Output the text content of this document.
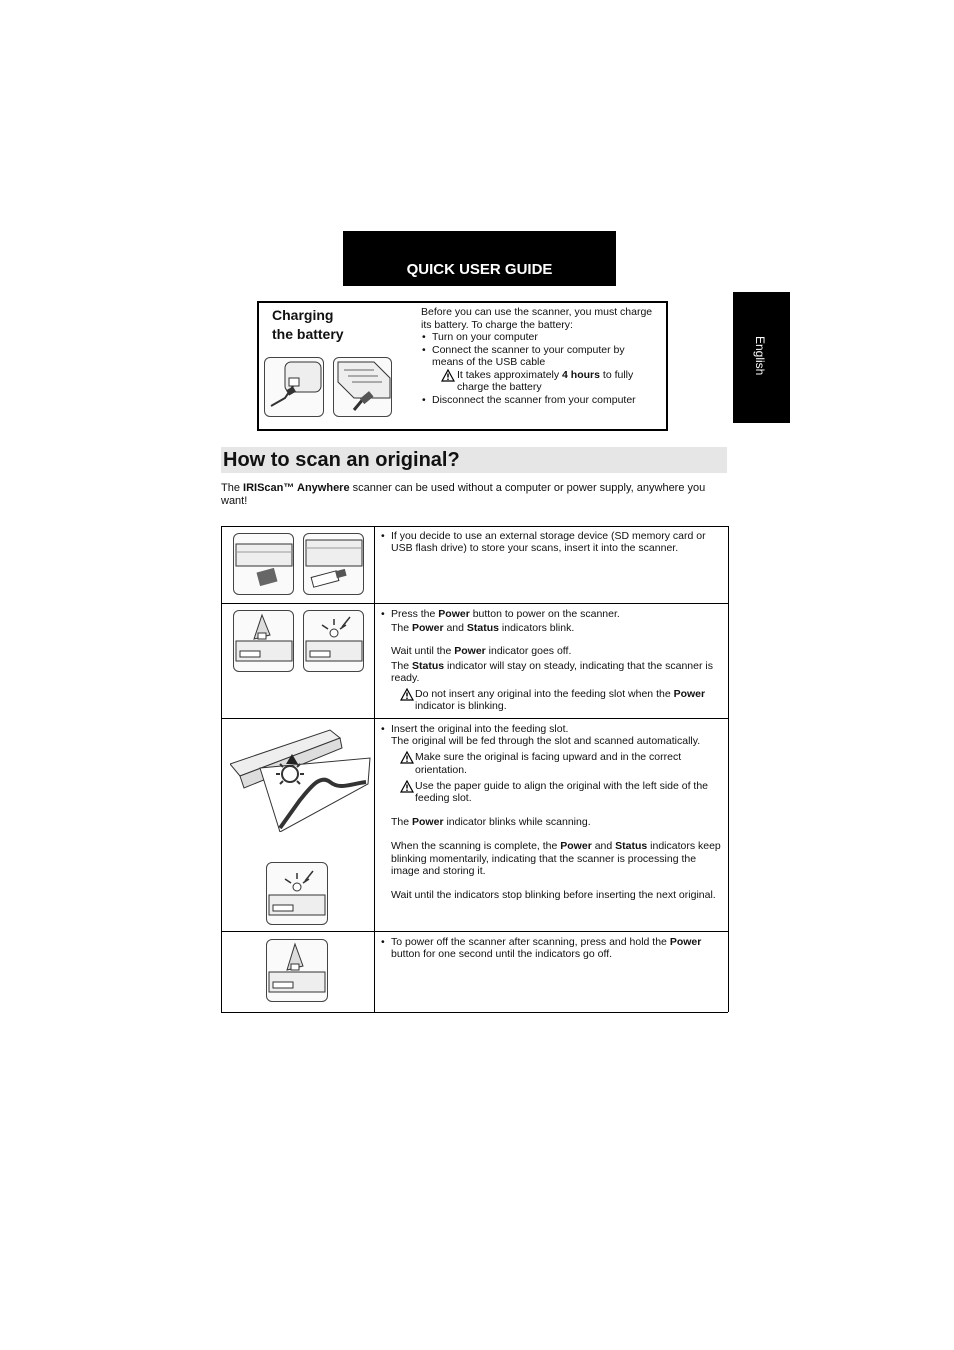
QUICK USER GUIDE
English
Charging
the battery

Before you can use the scanner, you must charge its battery. To charge the battery:

• Turn on your computer

• Connect the scanner to your computer by means of the USB cable

It takes approximately 4 hours to fully charge the battery

• Disconnect the scanner from your computer

How to scan an original?
The IRIScan™ Anywhere scanner can be used without a computer or power supply, anywhere you want!

• If you decide to use an external storage device (SD memory card or USB flash drive) to store your scans, insert it into the scanner.

• Press the Power button to power on the scanner.

The Power and Status indicators blink.

Wait until the Power indicator goes off.

The Status indicator will stay on steady, indicating that the scanner is ready.

Do not insert any original into the feeding slot when the Power indicator is blinking.

• Insert the original into the feeding slot.

The original will be fed through the slot and scanned automatically.

Make sure the original is facing upward and in the correct orientation.

Use the paper guide to align the original with the left side of the feeding slot.

The Power indicator blinks while scanning.

When the scanning is complete, the Power and Status indicators keep blinking momentarily, indicating that the scanner is processing the image and storing it.

Wait until the indicators stop blinking before inserting the next original.

• To power off the scanner after scanning, press and hold the Power button for one second until the indicators go off.
